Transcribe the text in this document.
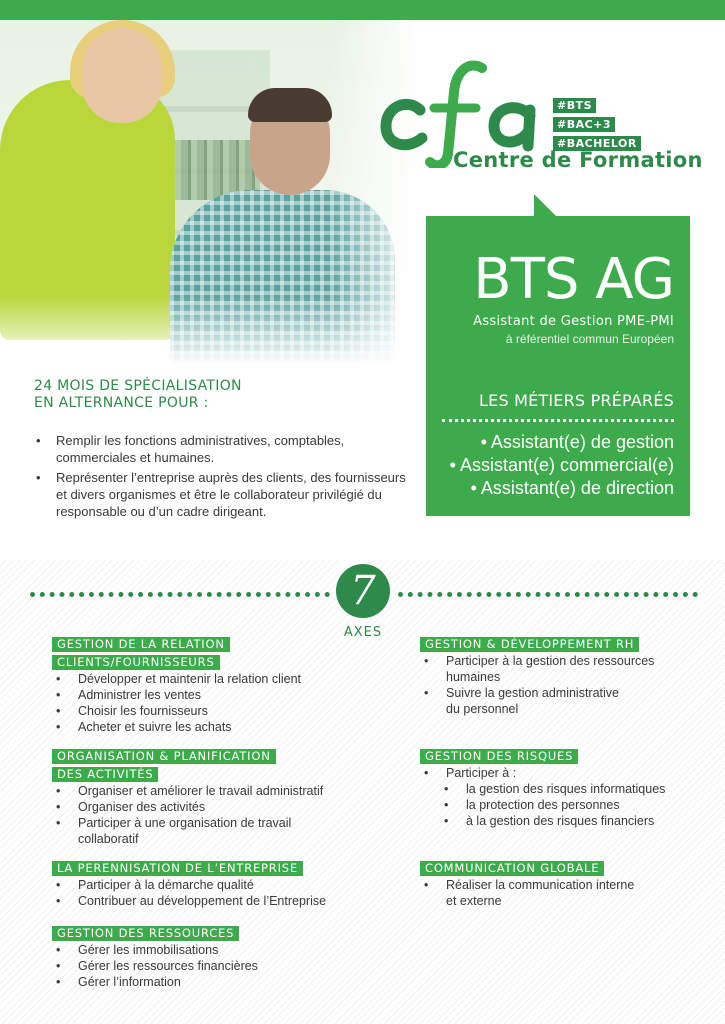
cfa
#BTS
#BAC+3
#BACHELOR
Centre de Formation
BTS AG
Assistant de Gestion PME-PMI
à référentiel commun Européen
LES MÉTIERS PRÉPARÉS
• Assistant(e) de gestion
• Assistant(e) commercial(e)
• Assistant(e) de direction
24 MOIS DE SPÉCIALISATION
EN ALTERNANCE POUR :
• Remplir les fonctions administratives, comptables, commerciales et humaines.
• Représenter l’entreprise auprès des clients, des fournisseurs et divers organismes et être le collaborateur privilégié du responsable ou d’un cadre dirigeant.
7
AXES
GESTION DE LA RELATION
CLIENTS/FOURNISSEURS
• Développer et maintenir la relation client
• Administrer les ventes
• Choisir les fournisseurs
• Acheter et suivre les achats
ORGANISATION & PLANIFICATION
DES ACTIVITÉS
• Organiser et améliorer le travail administratif
• Organiser des activités
• Participer à une organisation de travail
collaboratif
LA PERENNISATION DE L’ENTREPRISE
• Participer à la démarche qualité
• Contribuer au développement de l’Entreprise
GESTION DES RESSOURCES
• Gérer les immobilisations
• Gérer les ressources financières
• Gérer l’information
GESTION & DÉVELOPPEMENT RH
• Participer à la gestion des ressources
humaines
• Suivre la gestion administrative
du personnel
GESTION DES RISQUES
• Participer à :
• la gestion des risques informatiques
• la protection des personnes
• à la gestion des risques financiers
COMMUNICATION GLOBALE
• Réaliser la communication interne
et externe
